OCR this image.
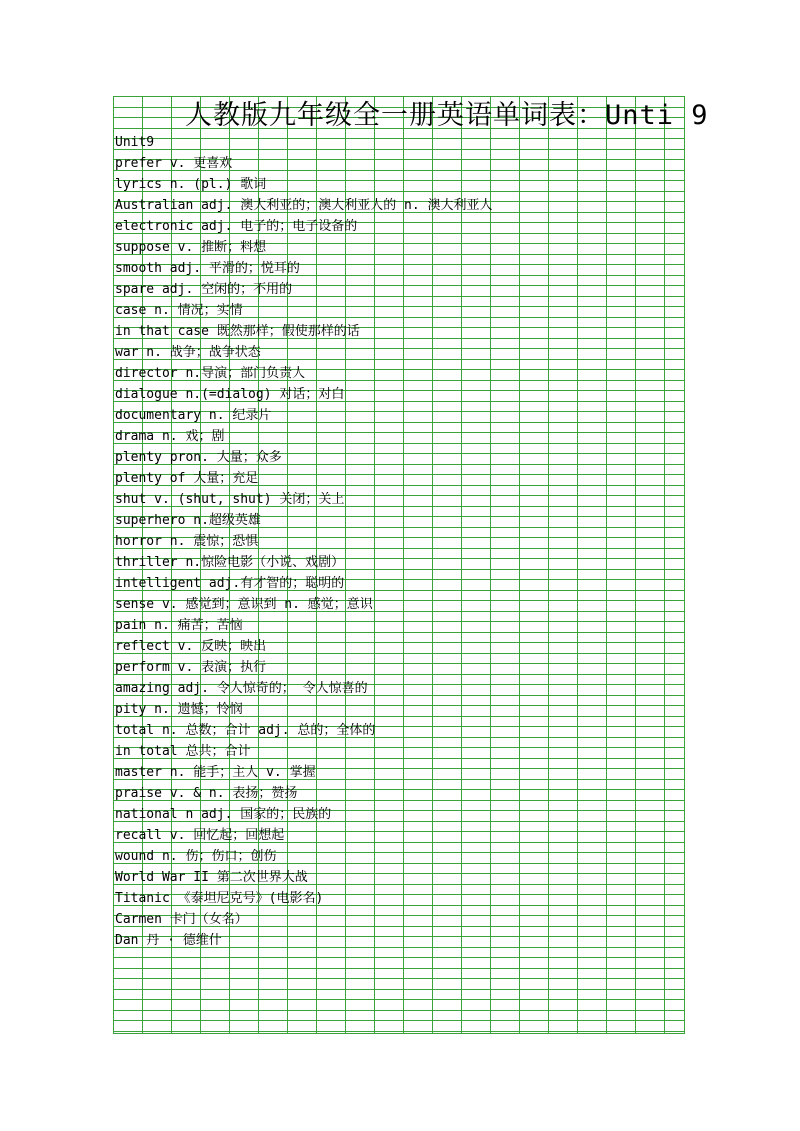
人教版九年级全一册英语单词表：Unti 9
Unit9
prefer v. 更喜欢
lyrics n. (pl.) 歌词
Australian adj. 澳大利亚的；澳大利亚人的 n. 澳大利亚人
electronic adj. 电子的；电子设备的
suppose v. 推断；料想
smooth adj. 平滑的；悦耳的
spare adj. 空闲的；不用的
case n. 情况；实情
in that case 既然那样；假使那样的话
war n. 战争；战争状态
director n.导演；部门负责人
dialogue n.(=dialog) 对话；对白
documentary n. 纪录片
drama n. 戏；剧
plenty pron. 大量；众多
plenty of 大量；充足
shut v. (shut, shut) 关闭；关上
superhero n.超级英雄
horror n. 震惊；恐惧
thriller n.惊险电影（小说、戏剧）
intelligent adj.有才智的；聪明的
sense v. 感觉到；意识到 n. 感觉；意识
pain n. 痛苦；苦恼
reflect v. 反映；映出
perform v. 表演；执行
amazing adj. 令人惊奇的； 令人惊喜的
pity n. 遗憾；怜悯
total n. 总数；合计 adj. 总的；全体的
in total 总共；合计
master n. 能手；主人 v. 掌握
praise v. & n. 表扬；赞扬
national n adj. 国家的；民族的
recall v. 回忆起；回想起
wound n. 伤；伤口；创伤
World War II 第二次世界大战
Titanic 《泰坦尼克号》(电影名)
Carmen 卡门（女名）
Dan 丹 · 德维什
